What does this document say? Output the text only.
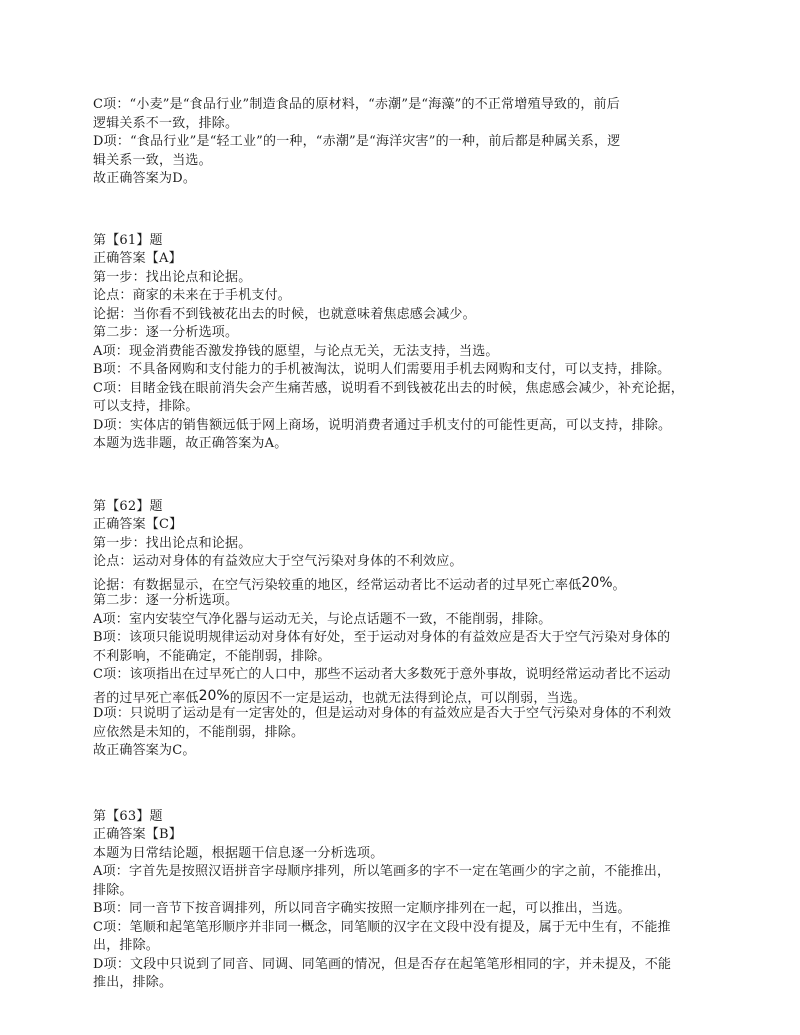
C项：“小麦”是“食品行业”制造食品的原材料，“赤潮”是“海藻”的不正常增殖导致的，前后
逻辑关系不一致，排除。
D项：“食品行业”是“轻工业”的一种，“赤潮”是“海洋灾害”的一种，前后都是种属关系，逻
辑关系一致，当选。
故正确答案为D。
第【61】题
正确答案【A】
第一步：找出论点和论据。
论点：商家的未来在于手机支付。
论据：当你看不到钱被花出去的时候，也就意味着焦虑感会减少。
第二步：逐一分析选项。
A项：现金消费能否激发挣钱的愿望，与论点无关，无法支持，当选。
B项：不具备网购和支付能力的手机被淘汰，说明人们需要用手机去网购和支付，可以支持，排除。
C项：目睹金钱在眼前消失会产生痛苦感，说明看不到钱被花出去的时候，焦虑感会减少，补充论据，
可以支持，排除。
D项：实体店的销售额远低于网上商场，说明消费者通过手机支付的可能性更高，可以支持，排除。
本题为选非题，故正确答案为A。
第【62】题
正确答案【C】
第一步：找出论点和论据。
论点：运动对身体的有益效应大于空气污染对身体的不利效应。
论据：有数据显示，在空气污染较重的地区，经常运动者比不运动者的过早死亡率低20%。
第二步：逐一分析选项。
A项：室内安装空气净化器与运动无关，与论点话题不一致，不能削弱，排除。
B项：该项只能说明规律运动对身体有好处，至于运动对身体的有益效应是否大于空气污染对身体的
不利影响，不能确定，不能削弱，排除。
C项：该项指出在过早死亡的人口中，那些不运动者大多数死于意外事故，说明经常运动者比不运动
者的过早死亡率低20%的原因不一定是运动，也就无法得到论点，可以削弱，当选。
D项：只说明了运动是有一定害处的，但是运动对身体的有益效应是否大于空气污染对身体的不利效
应依然是未知的，不能削弱，排除。
故正确答案为C。
第【63】题
正确答案【B】
本题为日常结论题，根据题干信息逐一分析选项。
A项：字首先是按照汉语拼音字母顺序排列，所以笔画多的字不一定在笔画少的字之前，不能推出，
排除。
B项：同一音节下按音调排列，所以同音字确实按照一定顺序排列在一起，可以推出，当选。
C项：笔顺和起笔笔形顺序并非同一概念，同笔顺的汉字在文段中没有提及，属于无中生有，不能推
出，排除。
D项：文段中只说到了同音、同调、同笔画的情况，但是否存在起笔笔形相同的字，并未提及，不能
推出，排除。
